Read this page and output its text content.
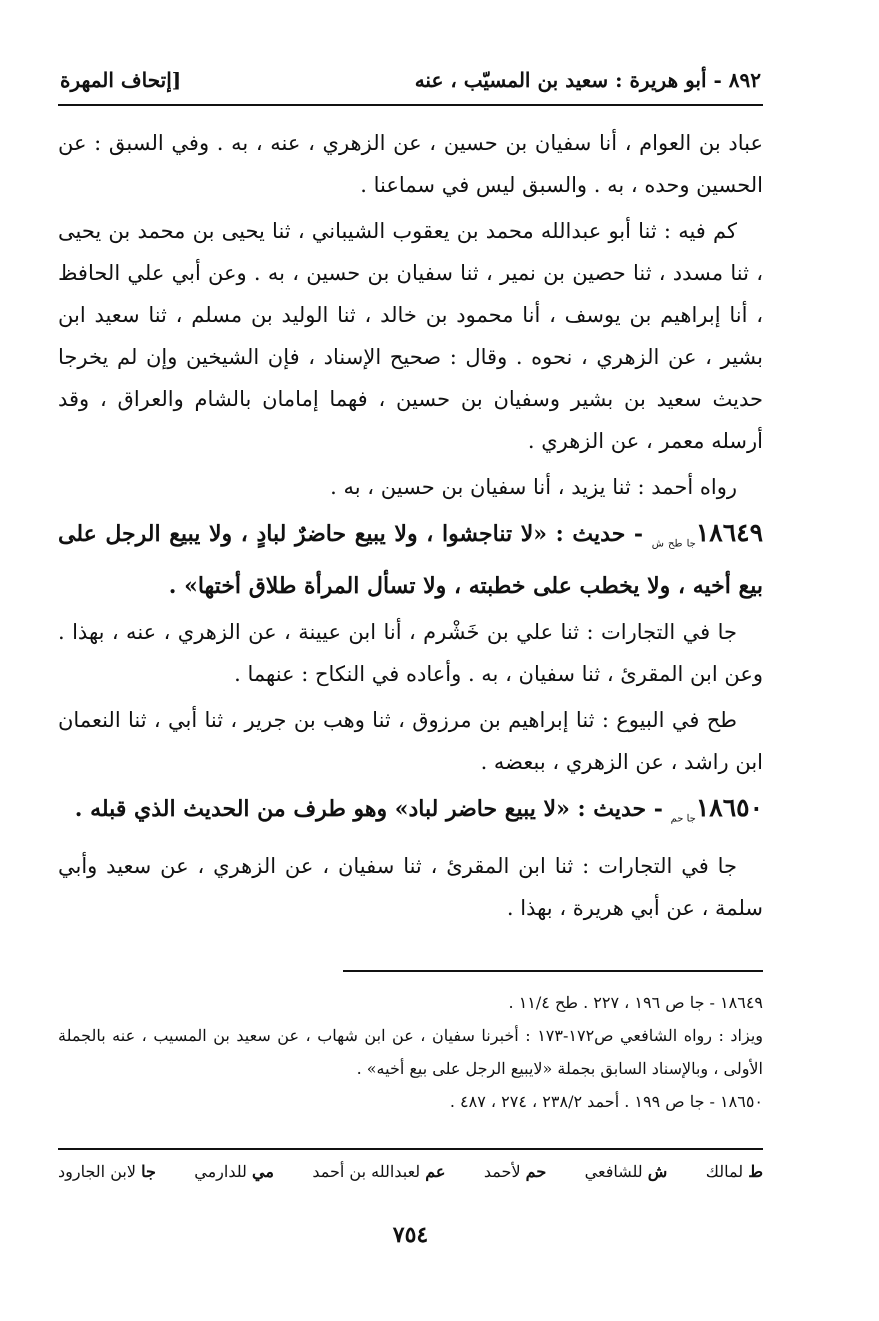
٨٩٢ - أبو هريرة : سعيد بن المسيّب ، عنه
[إتحاف المهرة

عباد بن العوام ، أنا سفيان بن حسين ، عن الزهري ، عنه ، به . وفي السبق : عن الحسين وحده ، به . والسبق ليس في سماعنا .

كم فيه : ثنا أبو عبدالله محمد بن يعقوب الشيباني ، ثنا يحيى بن محمد بن يحيى ، ثنا مسدد ، ثنا حصين بن نمير ، ثنا سفيان بن حسين ، به . وعن أبي علي الحافظ ، أنا إبراهيم بن يوسف ، أنا محمود بن خالد ، ثنا الوليد بن مسلم ، ثنا سعيد ابن بشير ، عن الزهري ، نحوه . وقال : صحيح الإسناد ، فإن الشيخين وإن لم يخرجا حديث سعيد بن بشير وسفيان بن حسين ، فهما إمامان بالشام والعراق ، وقد أرسله معمر ، عن الزهري .

رواه أحمد : ثنا يزيد ، أنا سفيان بن حسين ، به .

$١٨٦٤٩_{جا طح ش}$ - حديث : «لا تناجشوا ، ولا يبيع حاضرٌ لبادٍ ، ولا يبيع الرجل على بيع أخيه ، ولا يخطب على خطبته ، ولا تسأل المرأة طلاق أختها» .

جا في التجارات : ثنا علي بن خَشْرم ، أنا ابن عيينة ، عن الزهري ، عنه ، بهذا . وعن ابن المقرئ ، ثنا سفيان ، به . وأعاده في النكاح : عنهما .

طح في البيوع : ثنا إبراهيم بن مرزوق ، ثنا وهب بن جرير ، ثنا أبي ، ثنا النعمان ابن راشد ، عن الزهري ، ببعضه .

$١٨٦٥٠_{جا حم}$ - حديث : «لا يبيع حاضر لباد» وهو طرف من الحديث الذي قبله .

جا في التجارات : ثنا ابن المقرئ ، ثنا سفيان ، عن الزهري ، عن سعيد وأبي سلمة ، عن أبي هريرة ، بهذا .

١٨٦٤٩ - جا ص ١٩٦ ، ٢٢٧ . طح ١١/٤ .

ويزاد : رواه الشافعي ص١٧٢-١٧٣ : أخبرنا سفيان ، عن ابن شهاب ، عن سعيد بن المسيب ، عنه بالجملة الأولى ، وبالإسناد السابق بجملة «لايبيع الرجل على بيع أخيه» .

١٨٦٥٠ - جا ص ١٩٩ . أحمد ٢٣٨/٢ ، ٢٧٤ ، ٤٨٧ .

ط لمالك
ش للشافعي
حم لأحمد
عم لعبدالله بن أحمد
مي للدارمي
جا لابن الجارود
٧٥٤
